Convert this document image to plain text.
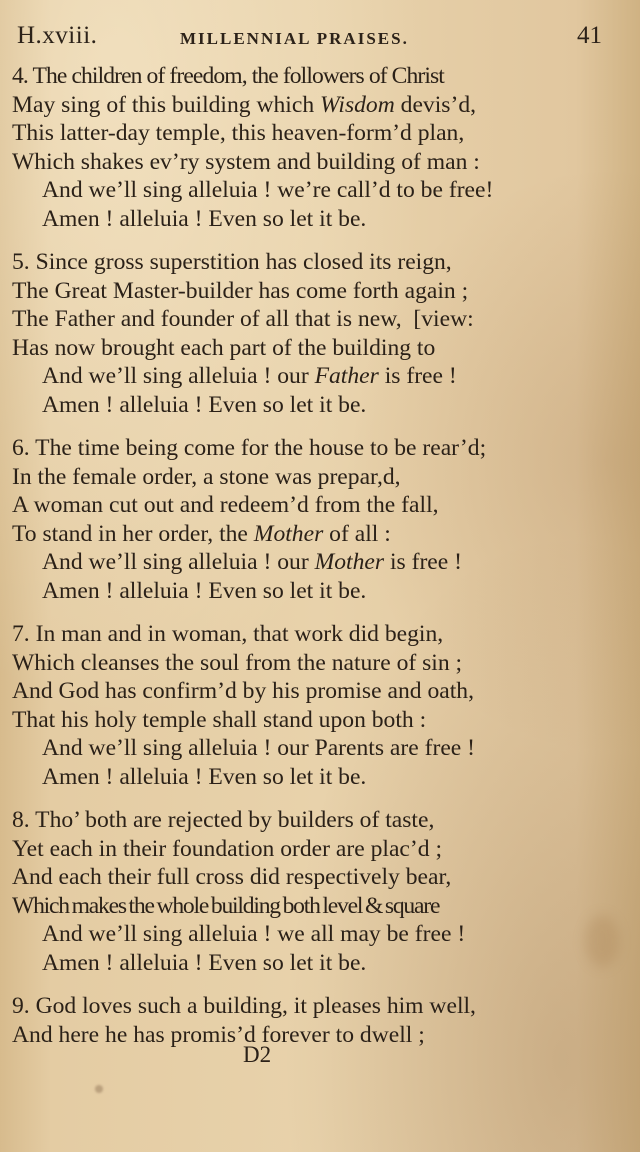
H.xviii.	MILLENNIAL PRAISES.	41
4. The children of freedom, the followers of Christ
May sing of this building which Wisdom devis’d,
This latter-day temple, this heaven-form’d plan,
Which shakes ev’ry system and building of man :
And we’ll sing alleluia ! we’re call’d to be free!
Amen ! alleluia ! Even so let it be.
5. Since gross superstition has closed its reign,
The Great Master-builder has come forth again ;
The Father and founder of all that is new,  [view:
Has now brought each part of the building to
And we’ll sing alleluia ! our Father is free !
Amen ! alleluia ! Even so let it be.
6. The time being come for the house to be rear’d;
In the female order, a stone was prepar,d,
A woman cut out and redeem’d from the fall,
To stand in her order, the Mother of all :
And we’ll sing alleluia ! our Mother is free !
Amen ! alleluia ! Even so let it be.
7. In man and in woman, that work did begin,
Which cleanses the soul from the nature of sin ;
And God has confirm’d by his promise and oath,
That his holy temple shall stand upon both :
And we’ll sing alleluia ! our Parents are free !
Amen ! alleluia ! Even so let it be.
8. Tho’ both are rejected by builders of taste,
Yet each in their foundation order are plac’d ;
And each their full cross did respectively bear,
Which makes the whole building both level & square
And we’ll sing alleluia ! we all may be free !
Amen ! alleluia ! Even so let it be.
9. God loves such a building, it pleases him well,
And here he has promis’d forever to dwell ;
D2
